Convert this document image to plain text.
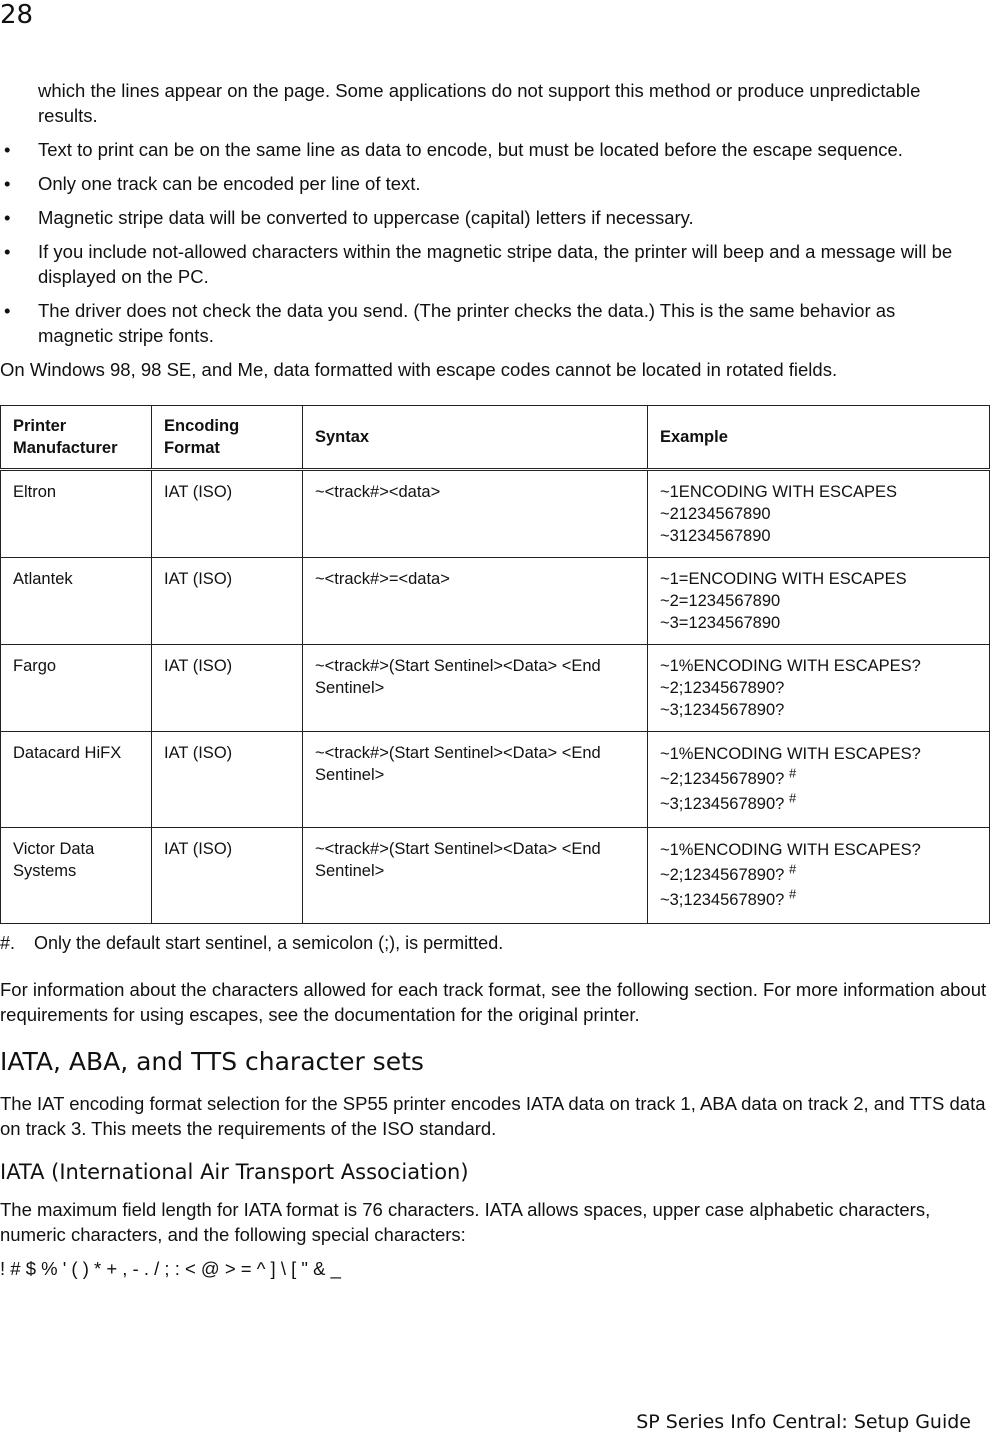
28

which the lines appear on the page. Some applications do not support this method or produce unpredictable results.

• Text to print can be on the same line as data to encode, but must be located before the escape sequence.
• Only one track can be encoded per line of text.
• Magnetic stripe data will be converted to uppercase (capital) letters if necessary.
• If you include not-allowed characters within the magnetic stripe data, the printer will beep and a message will be displayed on the PC.
• The driver does not check the data you send. (The printer checks the data.) This is the same behavior as magnetic stripe fonts.

On Windows 98, 98 SE, and Me, data formatted with escape codes cannot be located in rotated fields.

Printer Manufacturer	Encoding Format	Syntax	Example
Eltron	IAT (ISO)	~<track#><data>	~1ENCODING WITH ESCAPES
~21234567890
~31234567890

Atlantek	IAT (ISO)	~<track#>=<data>	~1=ENCODING WITH ESCAPES
~2=1234567890
~3=1234567890

Fargo	IAT (ISO)	~<track#>(Start Sentinel><Data> <End Sentinel>	~1%ENCODING WITH ESCAPES?
~2;1234567890?
~3;1234567890?

Datacard HiFX	IAT (ISO)	~<track#>(Start Sentinel><Data> <End Sentinel>	~1%ENCODING WITH ESCAPES?
~2;1234567890? #
~3;1234567890? #

Victor Data Systems	IAT (ISO)	~<track#>(Start Sentinel><Data> <End Sentinel>	~1%ENCODING WITH ESCAPES?
~2;1234567890? #
~3;1234567890? #
#. Only the default start sentinel, a semicolon (;), is permitted.

For information about the characters allowed for each track format, see the following section. For more information about requirements for using escapes, see the documentation for the original printer.

IATA, ABA, and TTS character sets

The IAT encoding format selection for the SP55 printer encodes IATA data on track 1, ABA data on track 2, and TTS data on track 3. This meets the requirements of the ISO standard.

IATA (International Air Transport Association)

The maximum field length for IATA format is 76 characters. IATA allows spaces, upper case alphabetic characters, numeric characters, and the following special characters:

! # $ % ' ( ) * + , - . / ; : < @ > = ^ ] \ [ " & _
SP Series Info Central: Setup Guide
